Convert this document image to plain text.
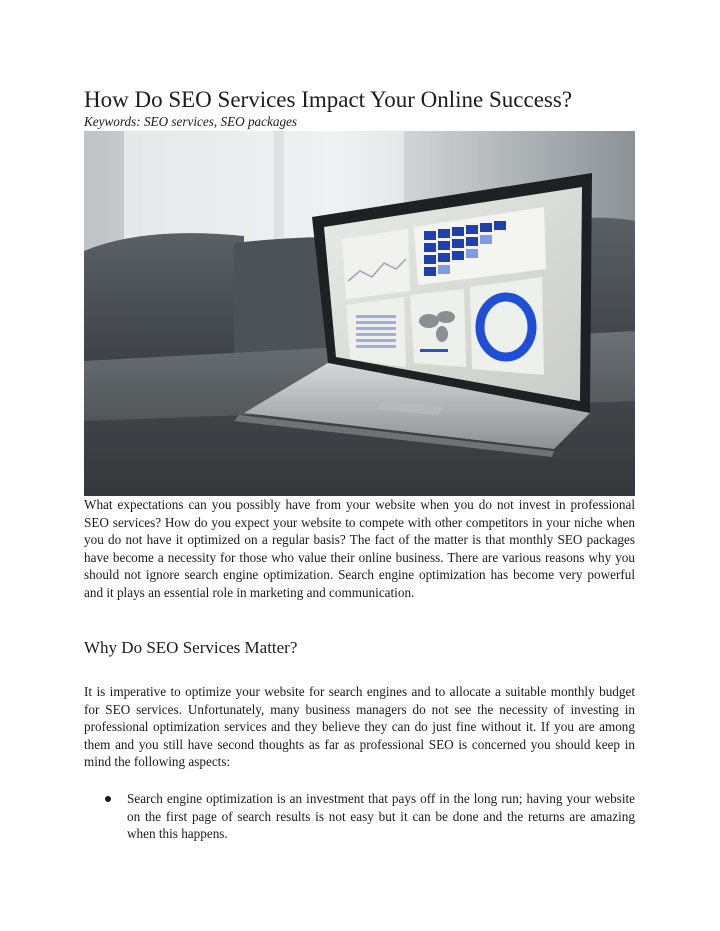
How Do SEO Services Impact Your Online Success?

Keywords: SEO services, SEO packages

What expectations can you possibly have from your website when you do not invest in professional SEO services? How do you expect your website to compete with other competitors in your niche when you do not have it optimized on a regular basis? The fact of the matter is that monthly SEO packages have become a necessity for those who value their online business. There are various reasons why you should not ignore search engine optimization. Search engine optimization has become very powerful and it plays an essential role in marketing and communication.

Why Do SEO Services Matter?

It is imperative to optimize your website for search engines and to allocate a suitable monthly budget for SEO services. Unfortunately, many business managers do not see the necessity of investing in professional optimization services and they believe they can do just fine without it. If you are among them and you still have second thoughts as far as professional SEO is concerned you should keep in mind the following aspects:

Search engine optimization is an investment that pays off in the long run; having your website on the first page of search results is not easy but it can be done and the returns are amazing when this happens.
